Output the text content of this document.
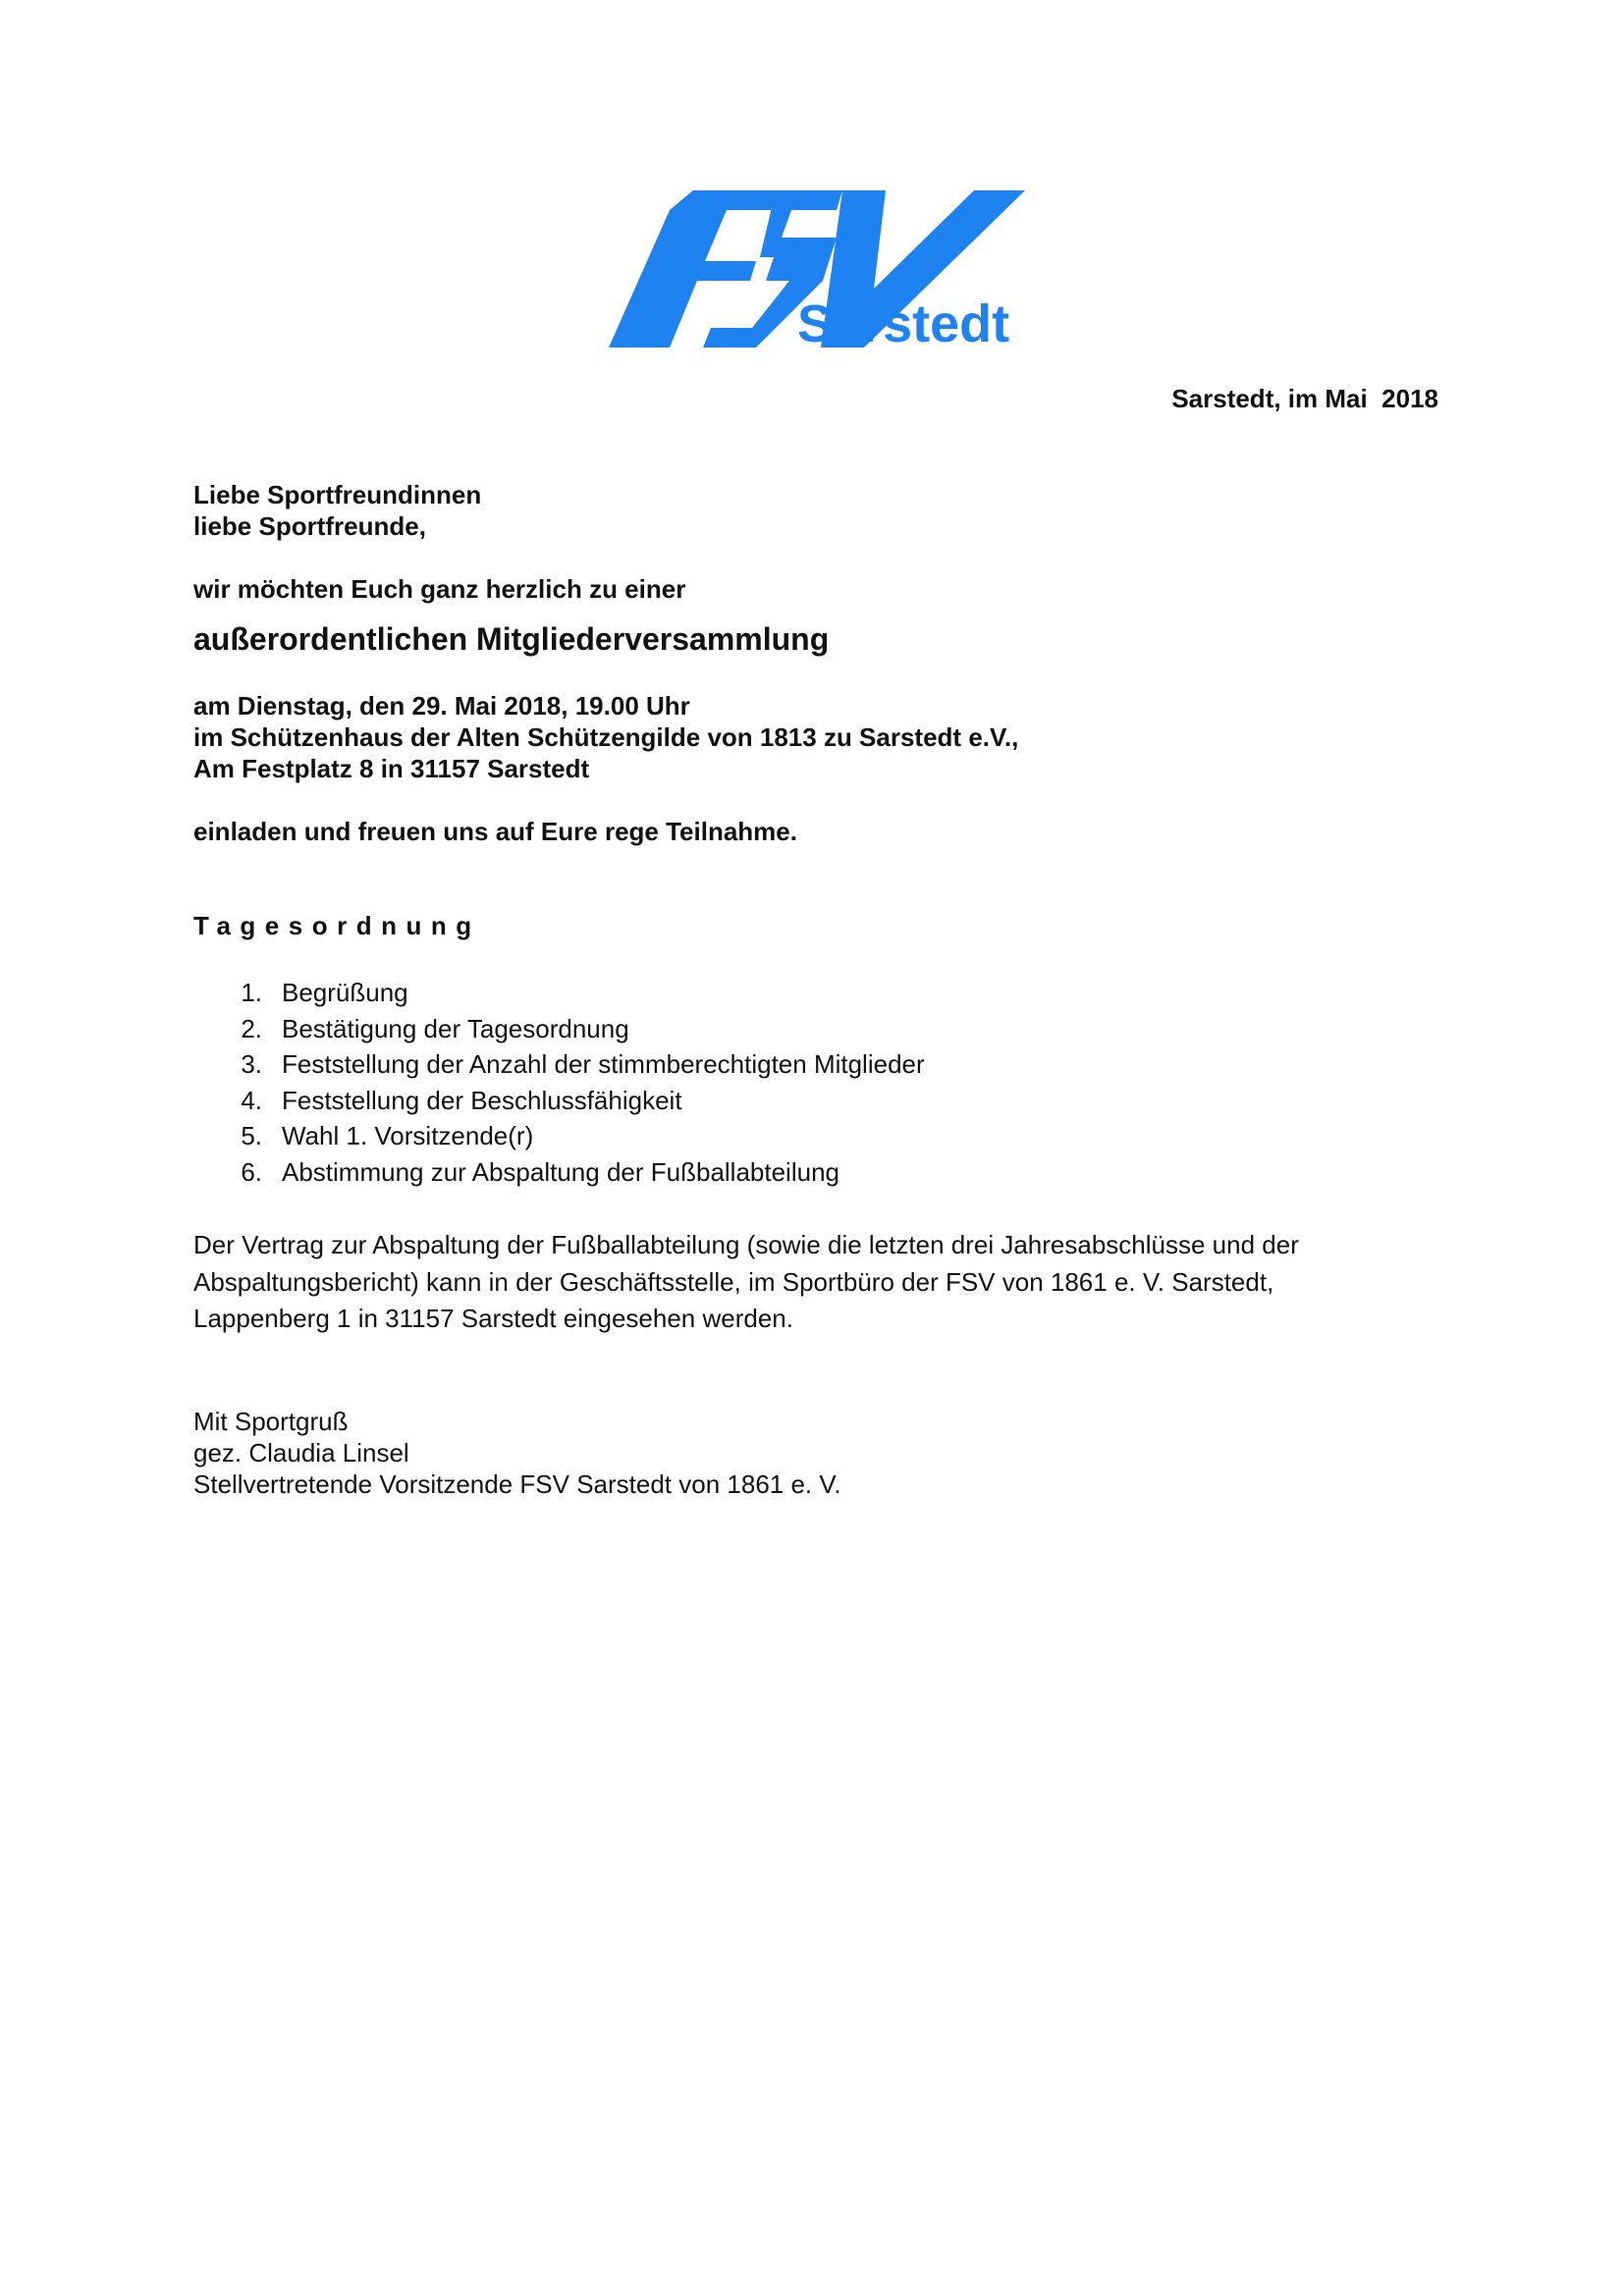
Sarstedt
Sarstedt, im Mai  2018
Liebe Sportfreundinnen
liebe Sportfreunde,
wir möchten Euch ganz herzlich zu einer
außerordentlichen Mitgliederversammlung
am Dienstag, den 29. Mai 2018, 19.00 Uhr
im Schützenhaus der Alten Schützengilde von 1813 zu Sarstedt e.V.,
Am Festplatz 8 in 31157 Sarstedt
einladen und freuen uns auf Eure rege Teilnahme.
Tagesordnung
1. Begrüßung
2. Bestätigung der Tagesordnung
3. Feststellung der Anzahl der stimmberechtigten Mitglieder
4. Feststellung der Beschlussfähigkeit
5. Wahl 1. Vorsitzende(r)
6. Abstimmung zur Abspaltung der Fußballabteilung
Der Vertrag zur Abspaltung der Fußballabteilung (sowie die letzten drei Jahresabschlüsse und der
Abspaltungsbericht) kann in der Geschäftsstelle, im Sportbüro der FSV von 1861 e. V. Sarstedt,
Lappenberg 1 in 31157 Sarstedt eingesehen werden.
Mit Sportgruß
gez. Claudia Linsel
Stellvertretende Vorsitzende FSV Sarstedt von 1861 e. V.
